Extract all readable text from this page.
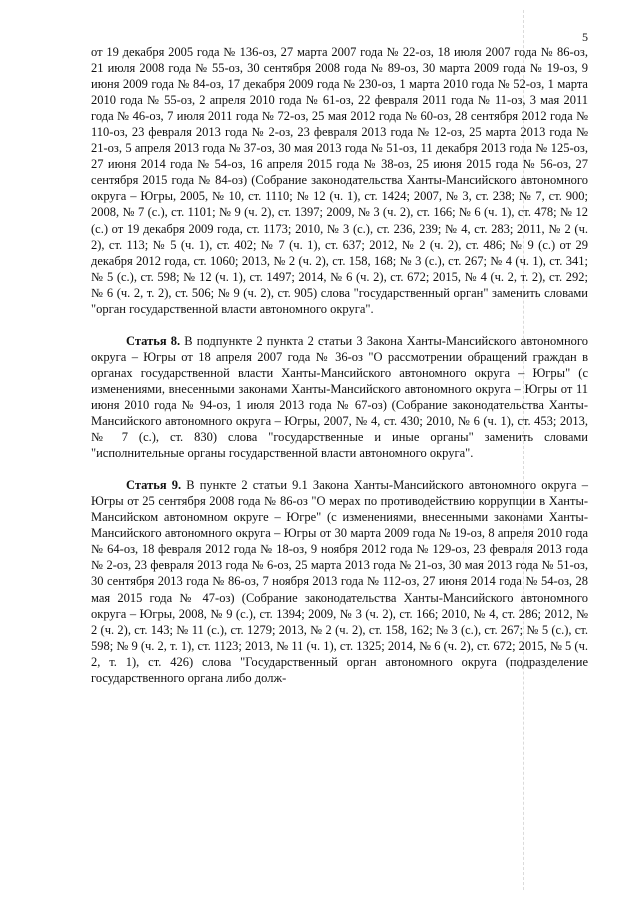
5

от 19 декабря 2005 года № 136-оз, 27 марта 2007 года № 22-оз, 18 июля 2007 года № 86-оз, 21 июля 2008 года № 55-оз, 30 сентября 2008 года № 89-оз, 30 марта 2009 года № 19-оз, 9 июня 2009 года № 84-оз, 17 декабря 2009 года № 230-оз, 1 марта 2010 года № 52-оз, 1 марта 2010 года № 55-оз, 2 апреля 2010 года № 61-оз, 22 февраля 2011 года № 11-оз, 3 мая 2011 года № 46-оз, 7 июля 2011 года № 72-оз, 25 мая 2012 года № 60-оз, 28 сентября 2012 года № 110-оз, 23 февраля 2013 года № 2-оз, 23 февраля 2013 года № 12-оз, 25 марта 2013 года № 21-оз, 5 апреля 2013 года № 37-оз, 30 мая 2013 года № 51-оз, 11 декабря 2013 года № 125-оз, 27 июня 2014 года № 54-оз, 16 апреля 2015 года № 38-оз, 25 июня 2015 года № 56-оз, 27 сентября 2015 года № 84-оз) (Собрание законодательства Ханты-Мансийского автономного округа – Югры, 2005, № 10, ст. 1110; № 12 (ч. 1), ст. 1424; 2007, № 3, ст. 238; № 7, ст. 900; 2008, № 7 (с.), ст. 1101; № 9 (ч. 2), ст. 1397; 2009, № 3 (ч. 2), ст. 166; № 6 (ч. 1), ст. 478; № 12 (с.) от 19 декабря 2009 года, ст. 1173; 2010, № 3 (с.), ст. 236, 239; № 4, ст. 283; 2011, № 2 (ч. 2), ст. 113; № 5 (ч. 1), ст. 402; № 7 (ч. 1), ст. 637; 2012, № 2 (ч. 2), ст. 486; № 9 (с.) от 29 декабря 2012 года, ст. 1060; 2013, № 2 (ч. 2), ст. 158, 168; № 3 (с.), ст. 267; № 4 (ч. 1), ст. 341; № 5 (с.), ст. 598; № 12 (ч. 1), ст. 1497; 2014, № 6 (ч. 2), ст. 672; 2015, № 4 (ч. 2, т. 2), ст. 292; № 6 (ч. 2, т. 2), ст. 506; № 9 (ч. 2), ст. 905) слова "государственный орган" заменить словами "орган государственной власти автономного округа".

Статья 8. В подпункте 2 пункта 2 статьи 3 Закона Ханты-Мансийского автономного округа – Югры от 18 апреля 2007 года № 36-оз "О рассмотрении обращений граждан в органах государственной власти Ханты-Мансийского автономного округа – Югры" (с изменениями, внесенными законами Ханты-Мансийского автономного округа – Югры от 11 июня 2010 года № 94-оз, 1 июля 2013 года № 67-оз) (Собрание законодательства Ханты-Мансийского автономного округа – Югры, 2007, № 4, ст. 430; 2010, № 6 (ч. 1), ст. 453; 2013, № 7 (с.), ст. 830) слова "государственные и иные органы" заменить словами "исполнительные органы государственной власти автономного округа".

Статья 9. В пункте 2 статьи 9.1 Закона Ханты-Мансийского автономного округа – Югры от 25 сентября 2008 года № 86-оз "О мерах по противодействию коррупции в Ханты-Мансийском автономном округе – Югре" (с изменениями, внесенными законами Ханты-Мансийского автономного округа – Югры от 30 марта 2009 года № 19-оз, 8 апреля 2010 года № 64-оз, 18 февраля 2012 года № 18-оз, 9 ноября 2012 года № 129-оз, 23 февраля 2013 года № 2-оз, 23 февраля 2013 года № 6-оз, 25 марта 2013 года № 21-оз, 30 мая 2013 года № 51-оз, 30 сентября 2013 года № 86-оз, 7 ноября 2013 года № 112-оз, 27 июня 2014 года № 54-оз, 28 мая 2015 года № 47-оз) (Собрание законодательства Ханты-Мансийского автономного округа – Югры, 2008, № 9 (с.), ст. 1394; 2009, № 3 (ч. 2), ст. 166; 2010, № 4, ст. 286; 2012, № 2 (ч. 2), ст. 143; № 11 (с.), ст. 1279; 2013, № 2 (ч. 2), ст. 158, 162; № 3 (с.), ст. 267; № 5 (с.), ст. 598; № 9 (ч. 2, т. 1), ст. 1123; 2013, № 11 (ч. 1), ст. 1325; 2014, № 6 (ч. 2), ст. 672; 2015, № 5 (ч. 2, т. 1), ст. 426) слова "Государственный орган автономного округа (подразделение государственного органа либо долж-
